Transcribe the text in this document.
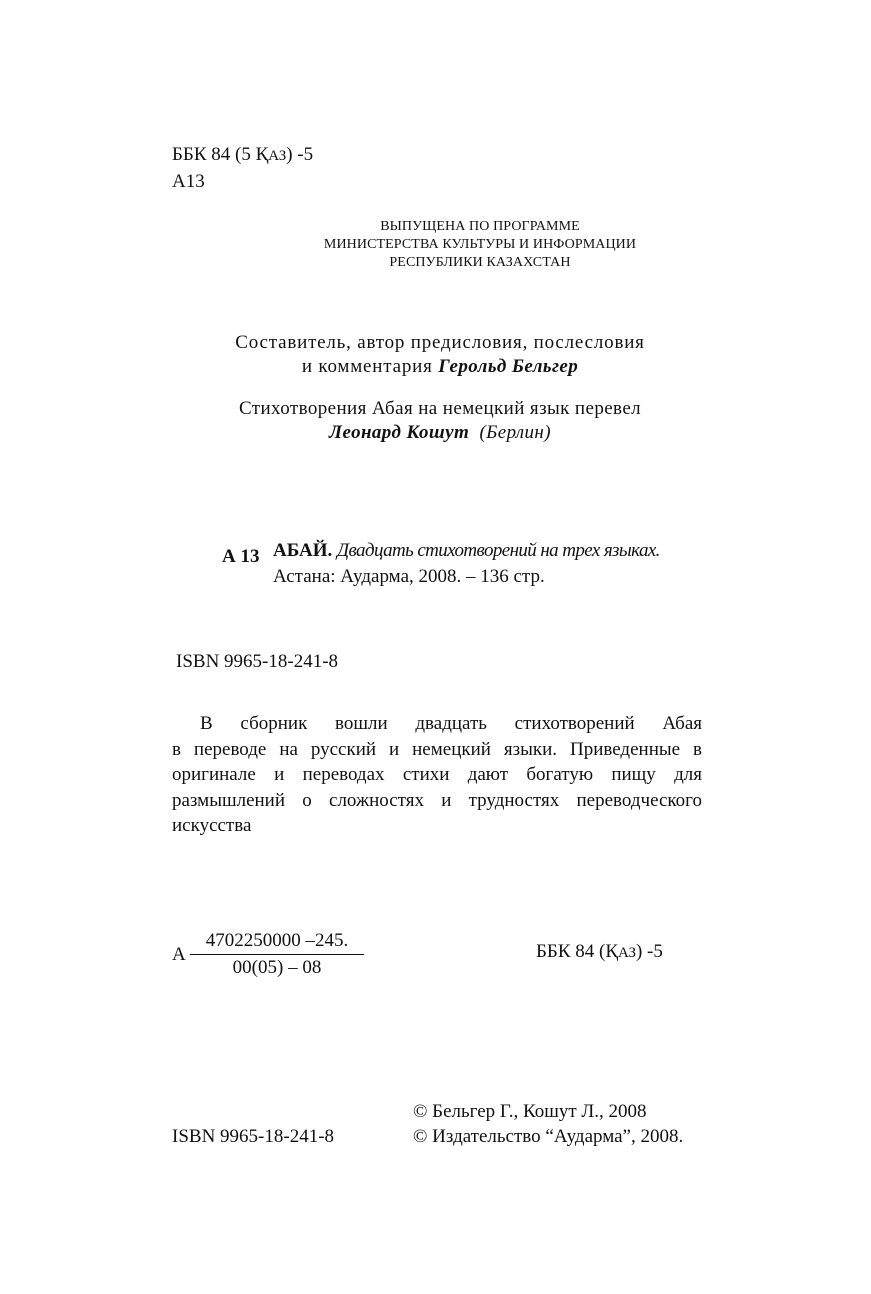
ББК 84 (5 ҚАЗ) -5
А13
ВЫПУЩЕНА ПО ПРОГРАММЕ
МИНИСТЕРСТВА КУЛЬТУРЫ И ИНФОРМАЦИИ
РЕСПУБЛИКИ КАЗАХСТАН
Составитель, автор предисловия, послесловия
и комментария Герольд Бельгер
Стихотворения Абая на немецкий язык перевел
Леонард Кошут (Берлин)
А 13 АБАЙ. Двадцать стихотворений на трех языках.
Астана: Аударма, 2008. – 136 стр.
ISBN 9965-18-241-8
В сборник вошли двадцать стихотворений Абая
в переводе на русский и немецкий языки. Приведенные в
оригинале и переводах стихи дают богатую пищу для
размышлений о сложностях и трудностях переводческого
искусства
А $\frac{4702250000 -245.}{00(05) - 08}$	ББК 84 (ҚАЗ) -5
© Бельгер Г., Кошут Л., 2008
© Издательство “Аударма”, 2008.
ISBN 9965-18-241-8
